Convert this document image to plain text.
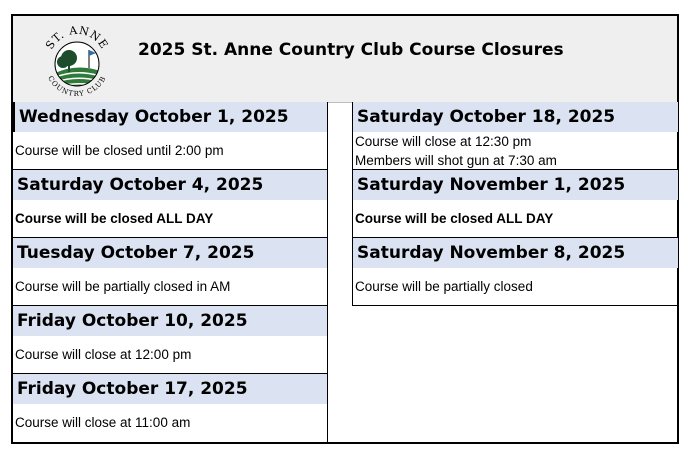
ST. ANNE
COUNTRY CLUB
2025 St. Anne Country Club Course Closures
Wednesday October 1, 2025
Course will be closed until 2:00 pm
Saturday October 4, 2025
Course will be closed ALL DAY
Tuesday October 7, 2025
Course will be partially closed in AM
Friday October 10, 2025
Course will close at 12:00 pm
Friday October 17, 2025
Course will close at 11:00 am
Saturday October 18, 2025
Course will close at 12:30 pm
Members will shot gun at 7:30 am
Saturday November 1, 2025
Course will be closed ALL DAY
Saturday November 8, 2025
Course will be partially closed
